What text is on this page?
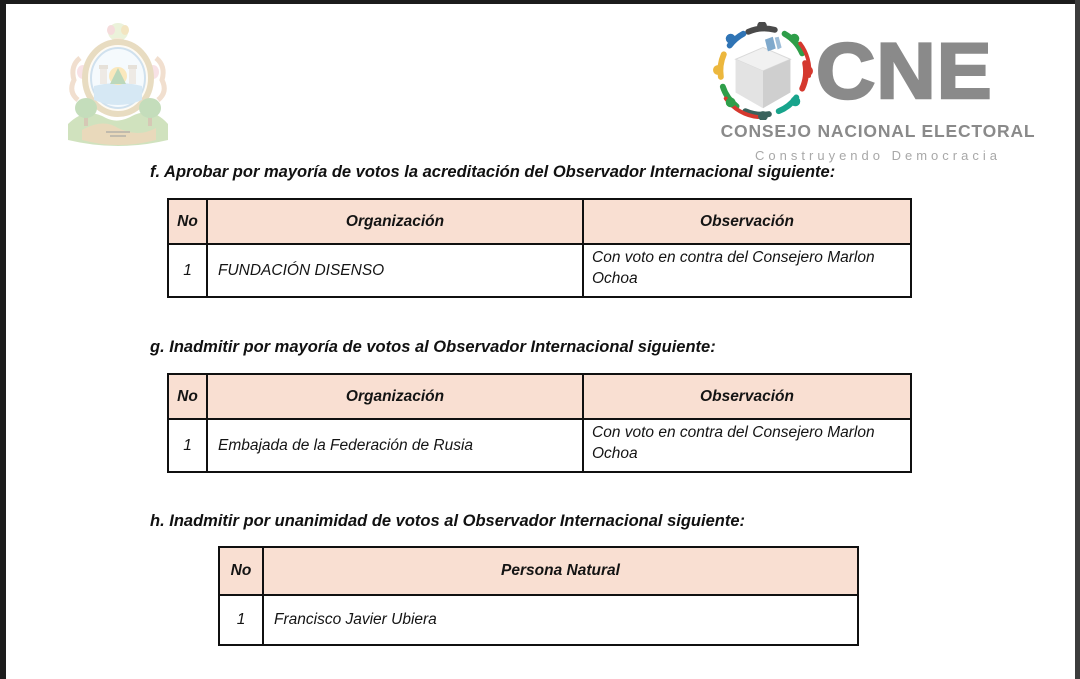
CNE
CONSEJO NACIONAL ELECTORAL
Construyendo Democracia
f. Aprobar por mayoría de votos la acreditación del Observador Internacional siguiente:
No	Organización	Observación
1	FUNDACIÓN DISENSO	Con voto en contra del Consejero Marlon Ochoa
g. Inadmitir por mayoría de votos al Observador Internacional siguiente:
No	Organización	Observación
1	Embajada de la Federación de Rusia	Con voto en contra del Consejero Marlon Ochoa
h. Inadmitir por unanimidad de votos al Observador Internacional siguiente:
No	Persona Natural
1	Francisco Javier Ubiera
